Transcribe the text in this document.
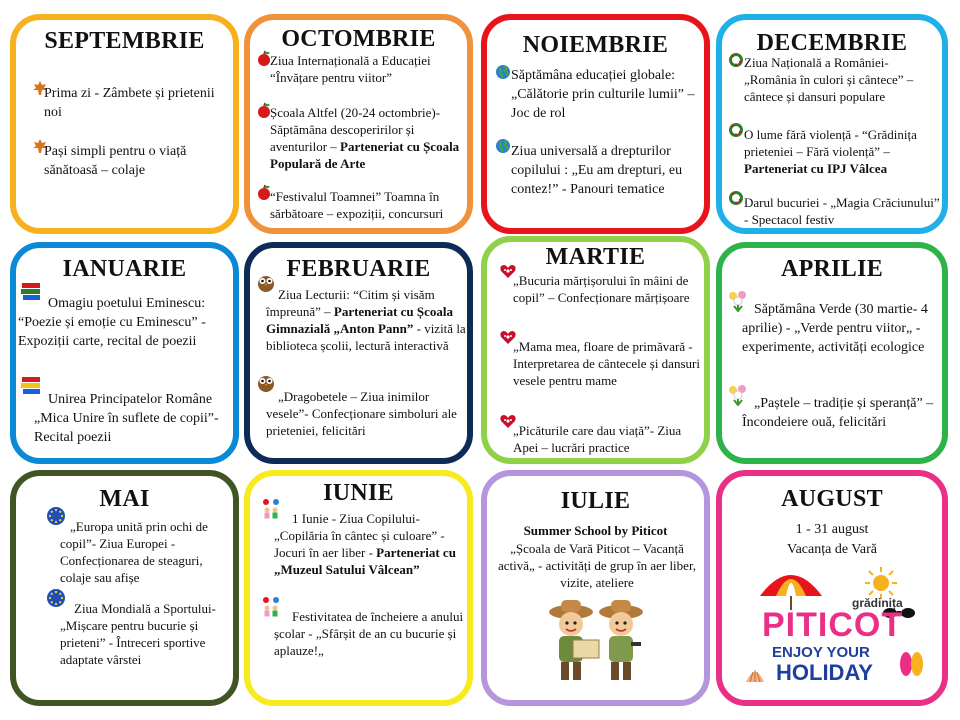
SEPTEMBRIE
Prima zi - Zâmbete și prietenii noi
Pași simpli pentru o viață sănătoasă – colaje
OCTOMBRIE
Ziua Internațională a Educației “Învățare pentru viitor”
Școala Altfel (20-24 octombrie)- Săptămâna descoperirilor și aventurilor – Parteneriat cu Școala Populară de Arte
“Festivalul Toamnei” Toamna în sărbătoare – expoziții, concursuri
NOIEMBRIE
Săptămâna educației globale: „Călătorie prin culturile lumii” – Joc de rol
Ziua universală a drepturilor copilului : „Eu am drepturi, eu contez!” - Panouri tematice
DECEMBRIE
Ziua Națională a României- „România în culori și cântece” – cântece și dansuri populare
O lume fără violență - “Grădinița prieteniei – Fără violență” – Parteneriat cu IPJ Vâlcea
Darul bucuriei - „Magia Crăciunului” - Spectacol festiv
IANUARIE
Omagiu poetului Eminescu: “Poezie și emoție cu Eminescu” - Expoziții carte, recital de poezii
Unirea Principatelor Române „Mica Unire în suflete de copii”-Recital poezii
FEBRUARIE
Ziua Lecturii: “Citim și visăm împreună” – Parteneriat cu Școala Gimnazială „Anton Pann” - vizită la biblioteca școlii, lectură interactivă
„Dragobetele – Ziua inimilor vesele”- Confecționare simboluri ale prieteniei, felicitări
MARTIE
„Bucuria mărțișorului în mâini de copil” – Confecționare mărțișoare
„Mama mea, floare de primăvară -Interpretarea de cântecele și dansuri vesele pentru mame
„Picăturile care dau viață”- Ziua Apei – lucrări practice
APRILIE
Săptămâna Verde (30 martie- 4 aprilie) - „Verde pentru viitor„ - experimente, activități ecologice
„Paștele – tradiție și speranță” – Încondeiere ouă, felicitări
MAI
„Europa unită prin ochi de copil”- Ziua Europei - Confecționarea de steaguri, colaje sau afișe
Ziua Mondială a Sportului- „Mișcare pentru bucurie și prieteni” - Întreceri sportive adaptate vârstei
IUNIE
1 Iunie - Ziua Copilului- „Copilăria în cântec și culoare” - Jocuri în aer liber - Parteneriat cu „Muzeul Satului Vâlcean”
Festivitatea de încheiere a anului școlar - „Sfârșit de an cu bucurie și aplauze!„
IULIE
Summer School by Piticot
„Școala de Vară Piticot – Vacanță activă„ - activități de grup în aer liber, vizite, ateliere
AUGUST
1 - 31 august
Vacanța de Vară
grădinița
PITICOT
ENJOY YOUR
HOLIDAY
